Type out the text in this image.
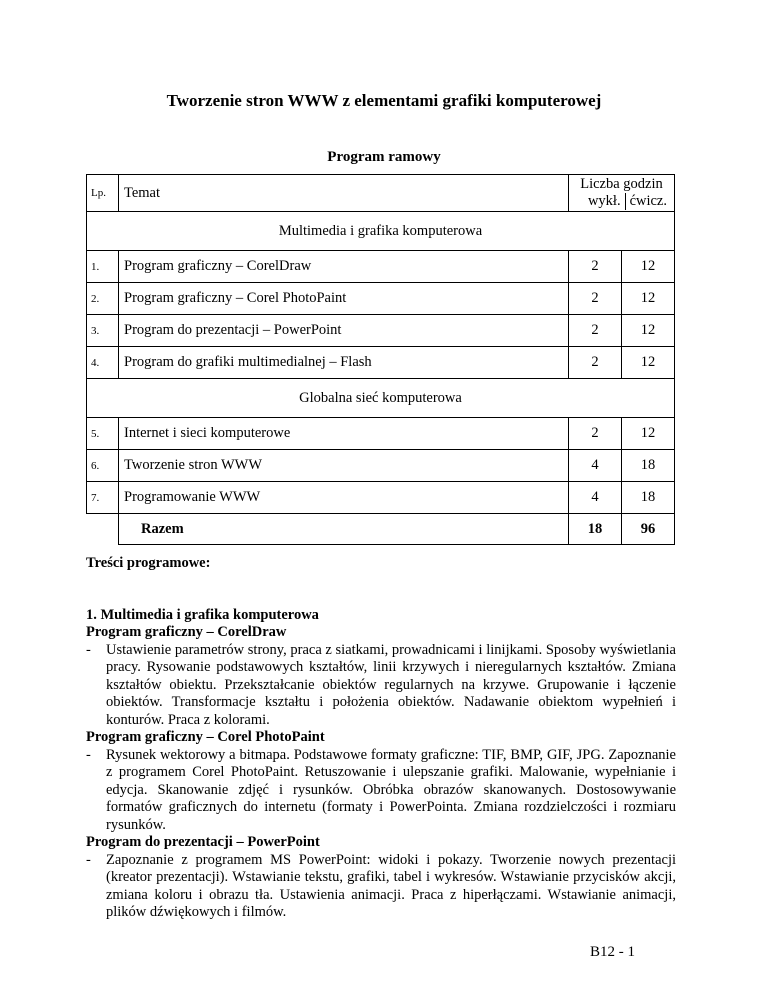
Tworzenie stron WWW z elementami grafiki komputerowej
Program ramowy
Lp.	Temat	Liczba godzin
wykł. ćwicz.	

Multimedia i grafika komputerowa			
1.	Program graficzny – CorelDraw	2	12
2.	Program graficzny – Corel PhotoPaint	2	12
3.	Program do prezentacji – PowerPoint	2	12
4.	Program do grafiki multimedialnej – Flash	2	12
Globalna sieć komputerowa			
5.	Internet i sieci komputerowe	2	12
6.	Tworzenie stron WWW	4	18
7.	Programowanie WWW	4	18
	Razem	18	96

Treści programowe:

1. Multimedia i grafika komputerowa

Program graficzny – CorelDraw

-	Ustawienie parametrów strony, praca z siatkami, prowadnicami i linijkami. Sposoby wyświetlania pracy. Rysowanie podstawowych kształtów, linii krzywych i nieregularnych kształtów. Zmiana kształtów obiektu. Przekształcanie obiektów regularnych na krzywe. Grupowanie i łączenie obiektów. Transformacje kształtu i położenia obiektów. Nadawanie obiektom wypełnień i konturów. Praca z kolorami.

Program graficzny – Corel PhotoPaint

-	Rysunek wektorowy a bitmapa. Podstawowe formaty graficzne: TIF, BMP, GIF, JPG. Zapoznanie z programem Corel PhotoPaint. Retuszowanie i ulepszanie grafiki. Malowanie, wypełnianie i edycja. Skanowanie zdjęć i rysunków. Obróbka obrazów skanowanych. Dostosowywanie formatów graficznych do internetu (formaty i PowerPointa. Zmiana rozdzielczości i rozmiaru rysunków.

Program do prezentacji – PowerPoint

-	Zapoznanie z programem MS PowerPoint: widoki i pokazy. Tworzenie nowych prezentacji (kreator prezentacji). Wstawianie tekstu, grafiki, tabel i wykresów. Wstawianie przycisków akcji, zmiana koloru i obrazu tła. Ustawienia animacji. Praca z hiperłączami. Wstawianie animacji, plików dźwiękowych i filmów.
B12 - 1
